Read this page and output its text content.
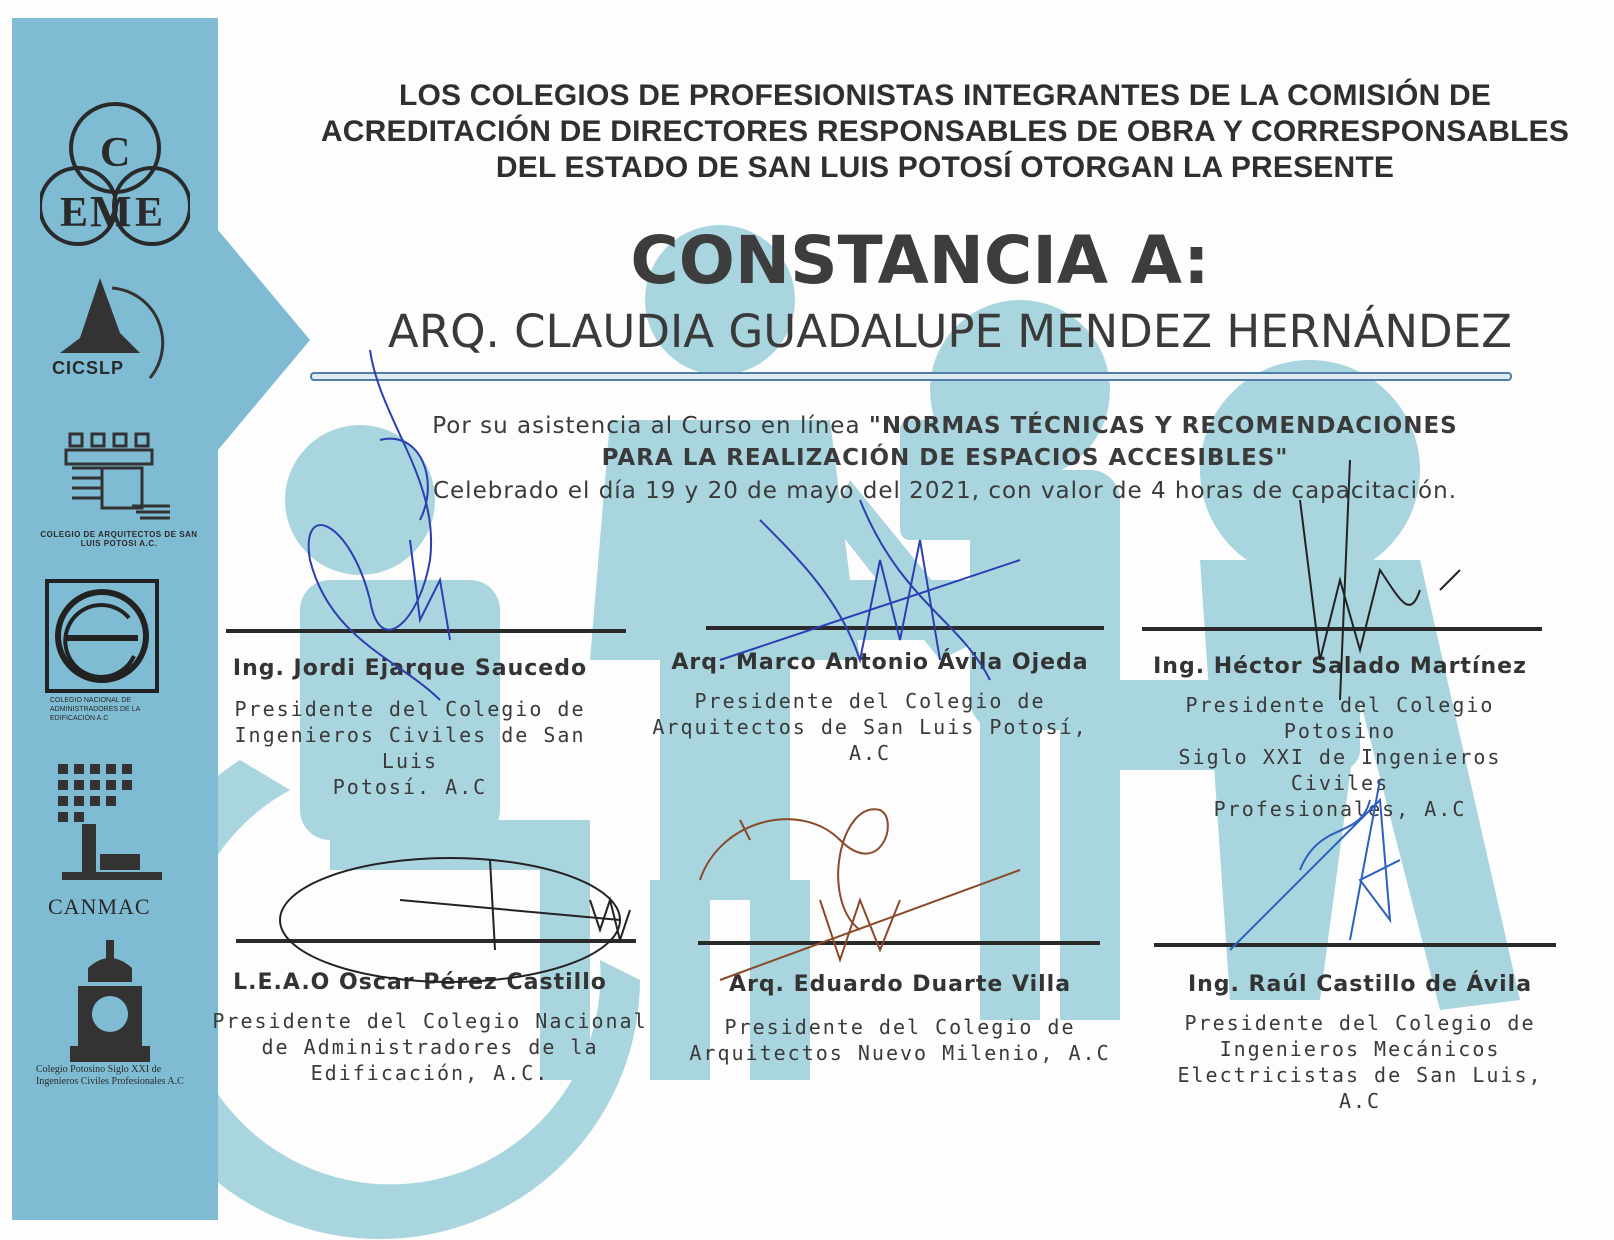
C
E M E
CICSLP
COLEGIO DE ARQUITECTOS DE SAN LUIS POTOSI A.C.
COLEGIO NACIONAL DE ADMINISTRADORES DE LA EDIFICACIÓN A.C
CANMAC
Colegio Potosino Siglo XXI de Ingenieros Civiles Profesionales A.C
LOS COLEGIOS DE PROFESIONISTAS INTEGRANTES DE LA COMISIÓN DE
ACREDITACIÓN DE DIRECTORES RESPONSABLES DE OBRA Y CORRESPONSABLES
DEL ESTADO DE SAN LUIS POTOSÍ OTORGAN LA PRESENTE
CONSTANCIA A:
ARQ. CLAUDIA GUADALUPE MENDEZ HERNÁNDEZ
Por su asistencia al Curso en línea "NORMAS TÉCNICAS Y RECOMENDACIONES
PARA LA REALIZACIÓN DE ESPACIOS ACCESIBLES"
Celebrado el día 19 y 20 de mayo del 2021, con valor de 4 horas de capacitación.
Ing. Jordi Ejarque Saucedo
Presidente del Colegio de
Ingenieros Civiles de San Luis
Potosí. A.C
Arq. Marco Antonio Ávila Ojeda
Presidente del Colegio de
Arquitectos de San Luis Potosí, A.C
Ing. Héctor Salado Martínez
Presidente del Colegio Potosino
Siglo XXI de Ingenieros Civiles
Profesionales, A.C
L.E.A.O Oscar Pérez Castillo
Presidente del Colegio Nacional
de Administradores de la
Edificación, A.C.
Arq. Eduardo Duarte Villa
Presidente del Colegio de
Arquitectos Nuevo Milenio, A.C
Ing. Raúl Castillo de Ávila
Presidente del Colegio de
Ingenieros Mecánicos
Electricistas de San Luis, A.C
